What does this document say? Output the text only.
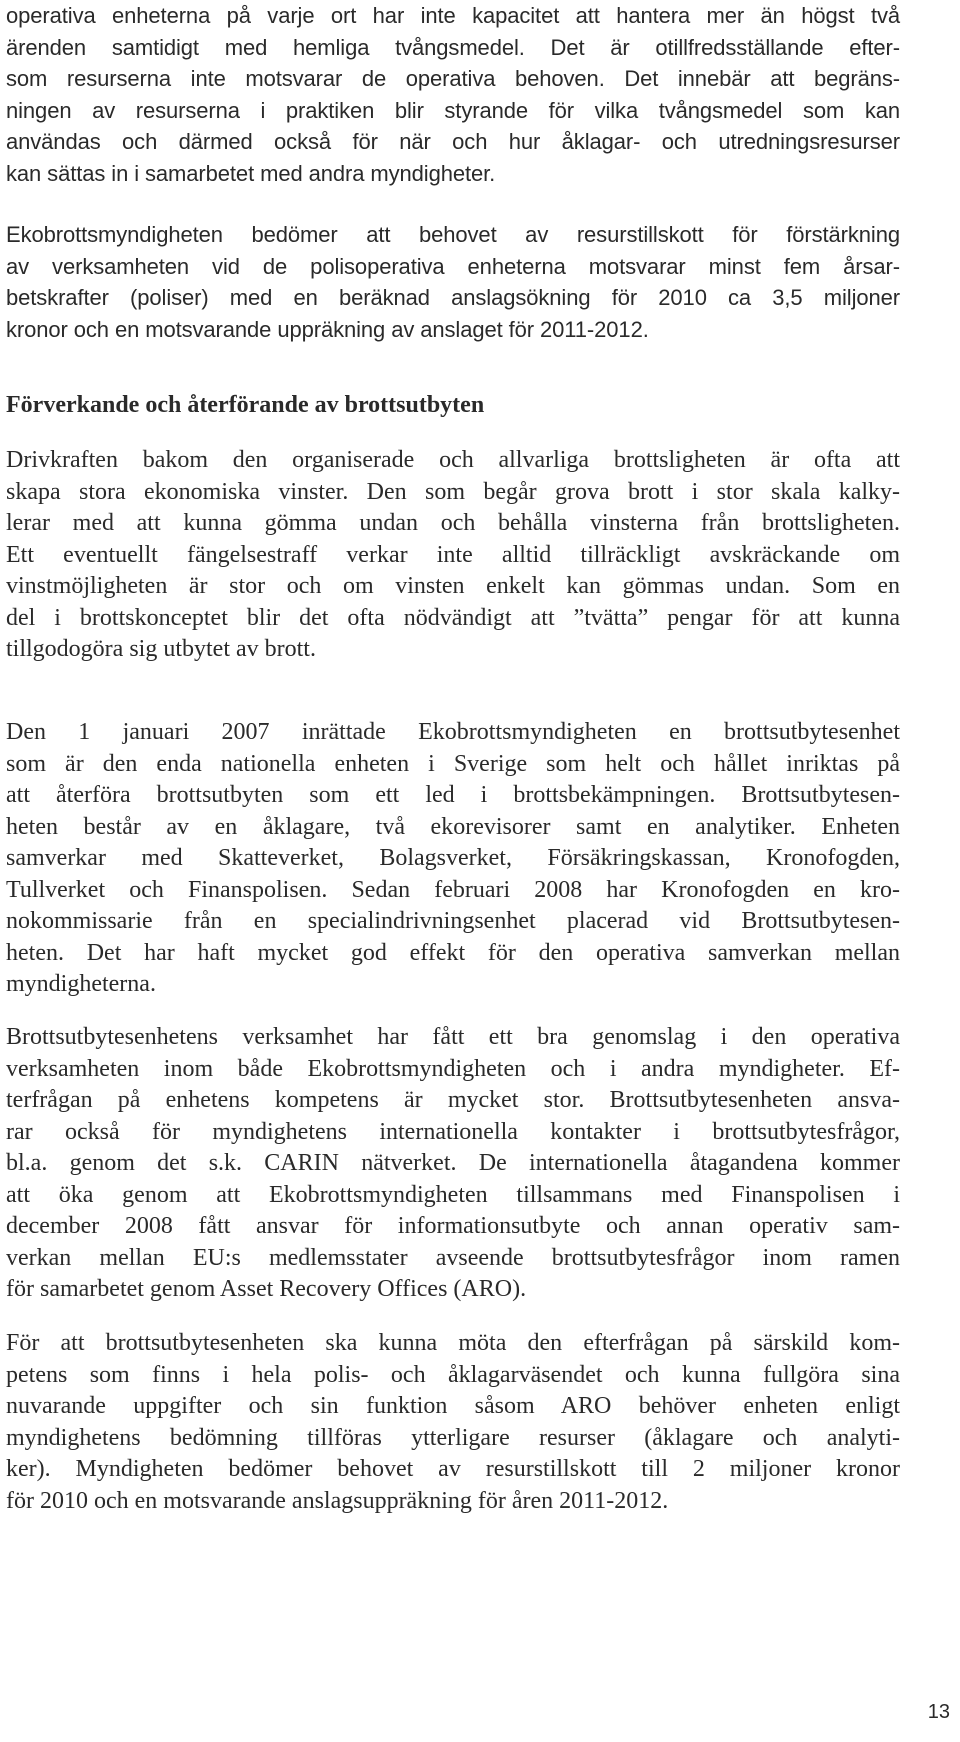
operativa enheterna på varje ort har inte kapacitet att hantera mer än högst två
ärenden samtidigt med hemliga tvångsmedel. Det är otillfredsställande efter-
som resurserna inte motsvarar de operativa behoven. Det innebär att begräns-
ningen av resurserna i praktiken blir styrande för vilka tvångsmedel som kan
användas och därmed också för när och hur åklagar- och utredningsresurser
kan sättas in i samarbetet med andra myndigheter.
Ekobrottsmyndigheten bedömer att behovet av resurstillskott för förstärkning
av verksamheten vid de polisoperativa enheterna motsvarar minst fem årsar-
betskrafter (poliser) med en beräknad anslagsökning för 2010 ca 3,5 miljoner
kronor och en motsvarande uppräkning av anslaget för 2011-2012.
Förverkande och återförande av brottsutbyten
Drivkraften bakom den organiserade och allvarliga brottsligheten är ofta att
skapa stora ekonomiska vinster. Den som begår grova brott i stor skala kalky-
lerar med att kunna gömma undan och behålla vinsterna från brottsligheten.
Ett eventuellt fängelsestraff verkar inte alltid tillräckligt avskräckande om
vinstmöjligheten är stor och om vinsten enkelt kan gömmas undan. Som en
del i brottskonceptet blir det ofta nödvändigt att ”tvätta” pengar för att kunna
tillgodogöra sig utbytet av brott.
Den 1 januari 2007 inrättade Ekobrottsmyndigheten en brottsutbytesenhet
som är den enda nationella enheten i Sverige som helt och hållet inriktas på
att återföra brottsutbyten som ett led i brottsbekämpningen. Brottsutbytesen-
heten består av en åklagare, två ekorevisorer samt en analytiker. Enheten
samverkar med Skatteverket, Bolagsverket, Försäkringskassan, Kronofogden,
Tullverket och Finanspolisen. Sedan februari 2008 har Kronofogden en kro-
nokommissarie från en specialindrivningsenhet placerad vid Brottsutbytesen-
heten. Det har haft mycket god effekt för den operativa samverkan mellan
myndigheterna.
Brottsutbytesenhetens verksamhet har fått ett bra genomslag i den operativa
verksamheten inom både Ekobrottsmyndigheten och i andra myndigheter. Ef-
terfrågan på enhetens kompetens är mycket stor. Brottsutbytesenheten ansva-
rar också för myndighetens internationella kontakter i brottsutbytesfrågor,
bl.a. genom det s.k. CARIN nätverket. De internationella åtagandena kommer
att öka genom att Ekobrottsmyndigheten tillsammans med Finanspolisen i
december 2008 fått ansvar för informationsutbyte och annan operativ sam-
verkan mellan EU:s medlemsstater avseende brottsutbytesfrågor inom ramen
för samarbetet genom Asset Recovery Offices (ARO).
För att brottsutbytesenheten ska kunna möta den efterfrågan på särskild kom-
petens som finns i hela polis- och åklagarväsendet och kunna fullgöra sina
nuvarande uppgifter och sin funktion såsom ARO behöver enheten enligt
myndighetens bedömning tillföras ytterligare resurser (åklagare och analyti-
ker). Myndigheten bedömer behovet av resurstillskott till 2 miljoner kronor
för 2010 och en motsvarande anslagsuppräkning för åren 2011-2012.
13
